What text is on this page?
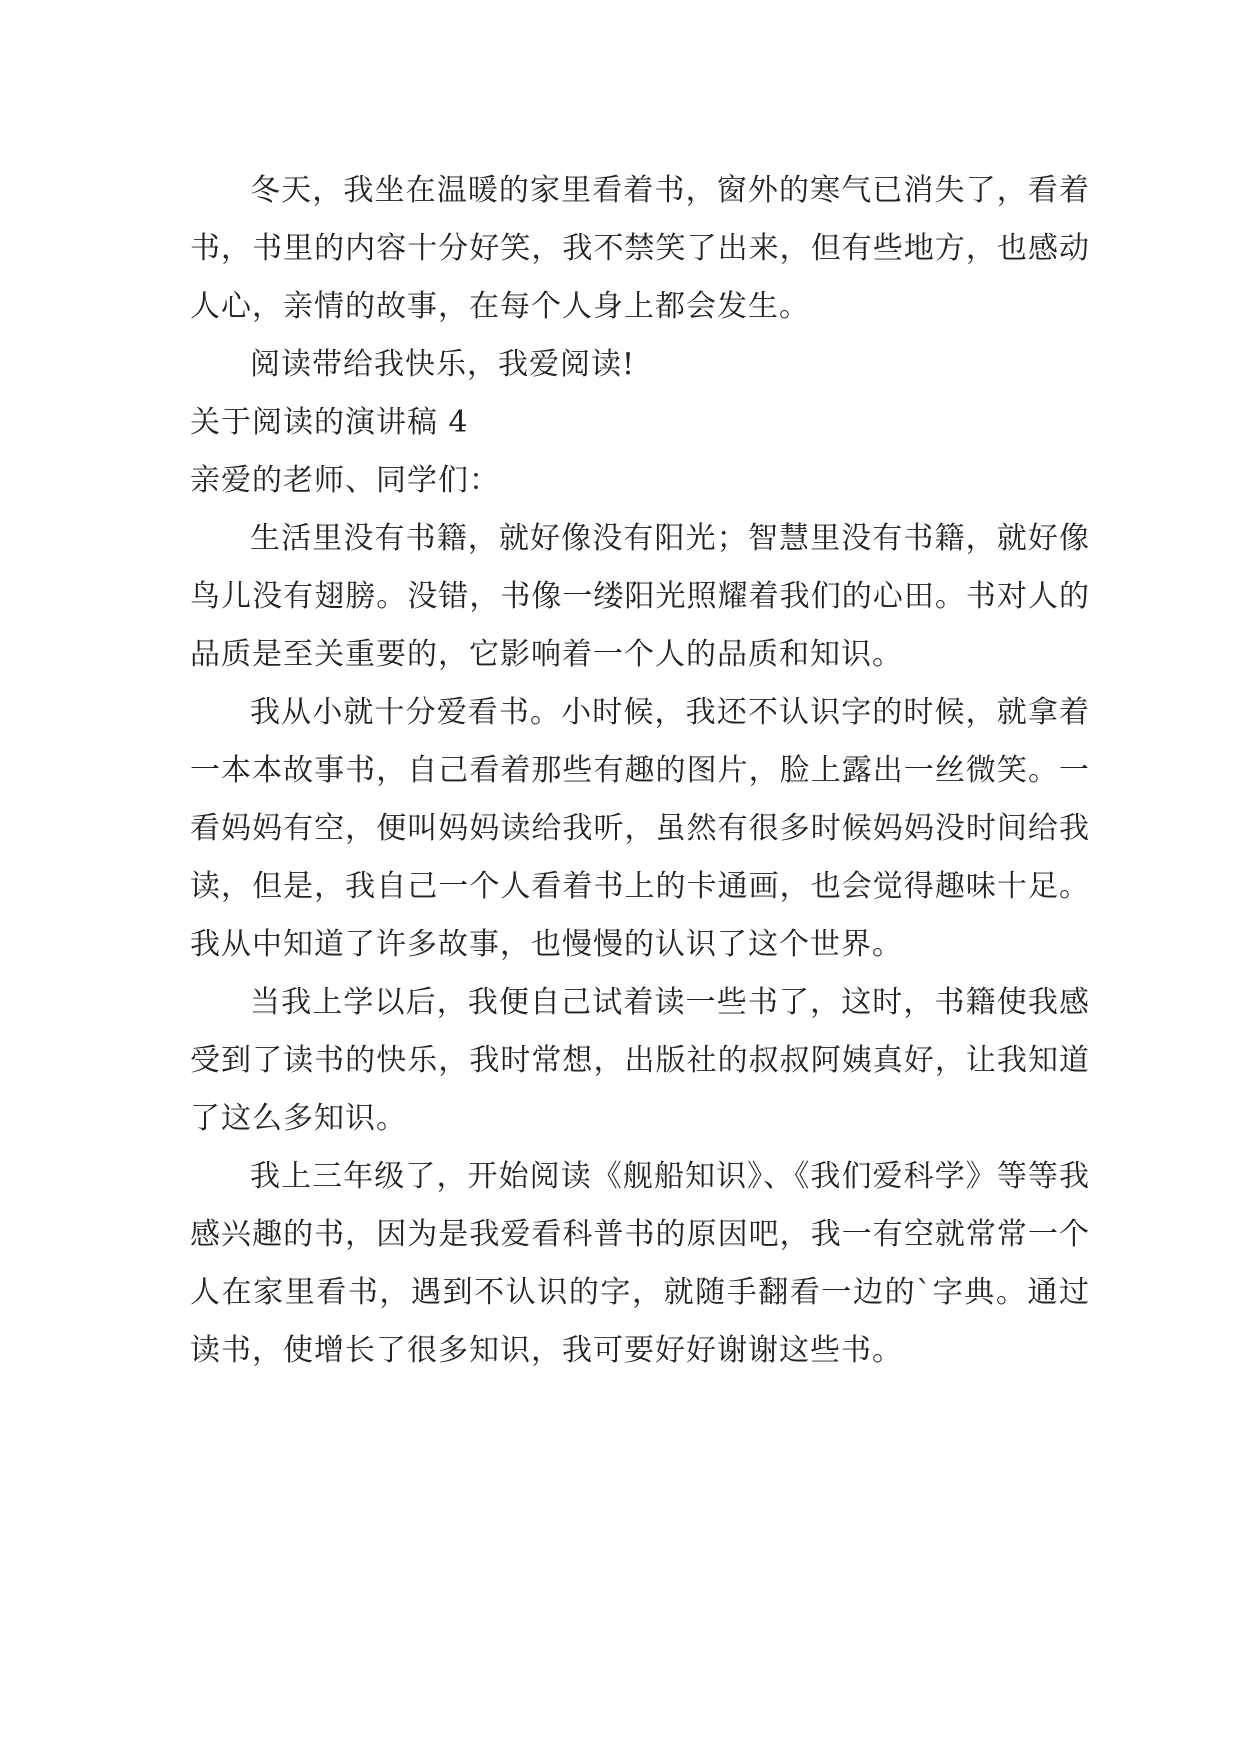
冬天，我坐在温暖的家里看着书，窗外的寒气已消失了，看着书，书里的内容十分好笑，我不禁笑了出来，但有些地方，也感动人心，亲情的故事，在每个人身上都会发生。

阅读带给我快乐，我爱阅读!

关于阅读的演讲稿 4

亲爱的老师、同学们：

生活里没有书籍，就好像没有阳光；智慧里没有书籍，就好像鸟儿没有翅膀。没错，书像一缕阳光照耀着我们的心田。书对人的品质是至关重要的，它影响着一个人的品质和知识。

我从小就十分爱看书。小时候，我还不认识字的时候，就拿着一本本故事书，自己看着那些有趣的图片，脸上露出一丝微笑。一看妈妈有空，便叫妈妈读给我听，虽然有很多时候妈妈没时间给我读，但是，我自己一个人看着书上的卡通画，也会觉得趣味十足。我从中知道了许多故事，也慢慢的认识了这个世界。

当我上学以后，我便自己试着读一些书了，这时，书籍使我感受到了读书的快乐，我时常想，出版社的叔叔阿姨真好，让我知道了这么多知识。

我上三年级了，开始阅读《舰船知识》、《我们爱科学》等等我感兴趣的书，因为是我爱看科普书的原因吧，我一有空就常常一个人在家里看书，遇到不认识的字，就随手翻看一边的`字典。通过读书，使增长了很多知识，我可要好好谢谢这些书。
